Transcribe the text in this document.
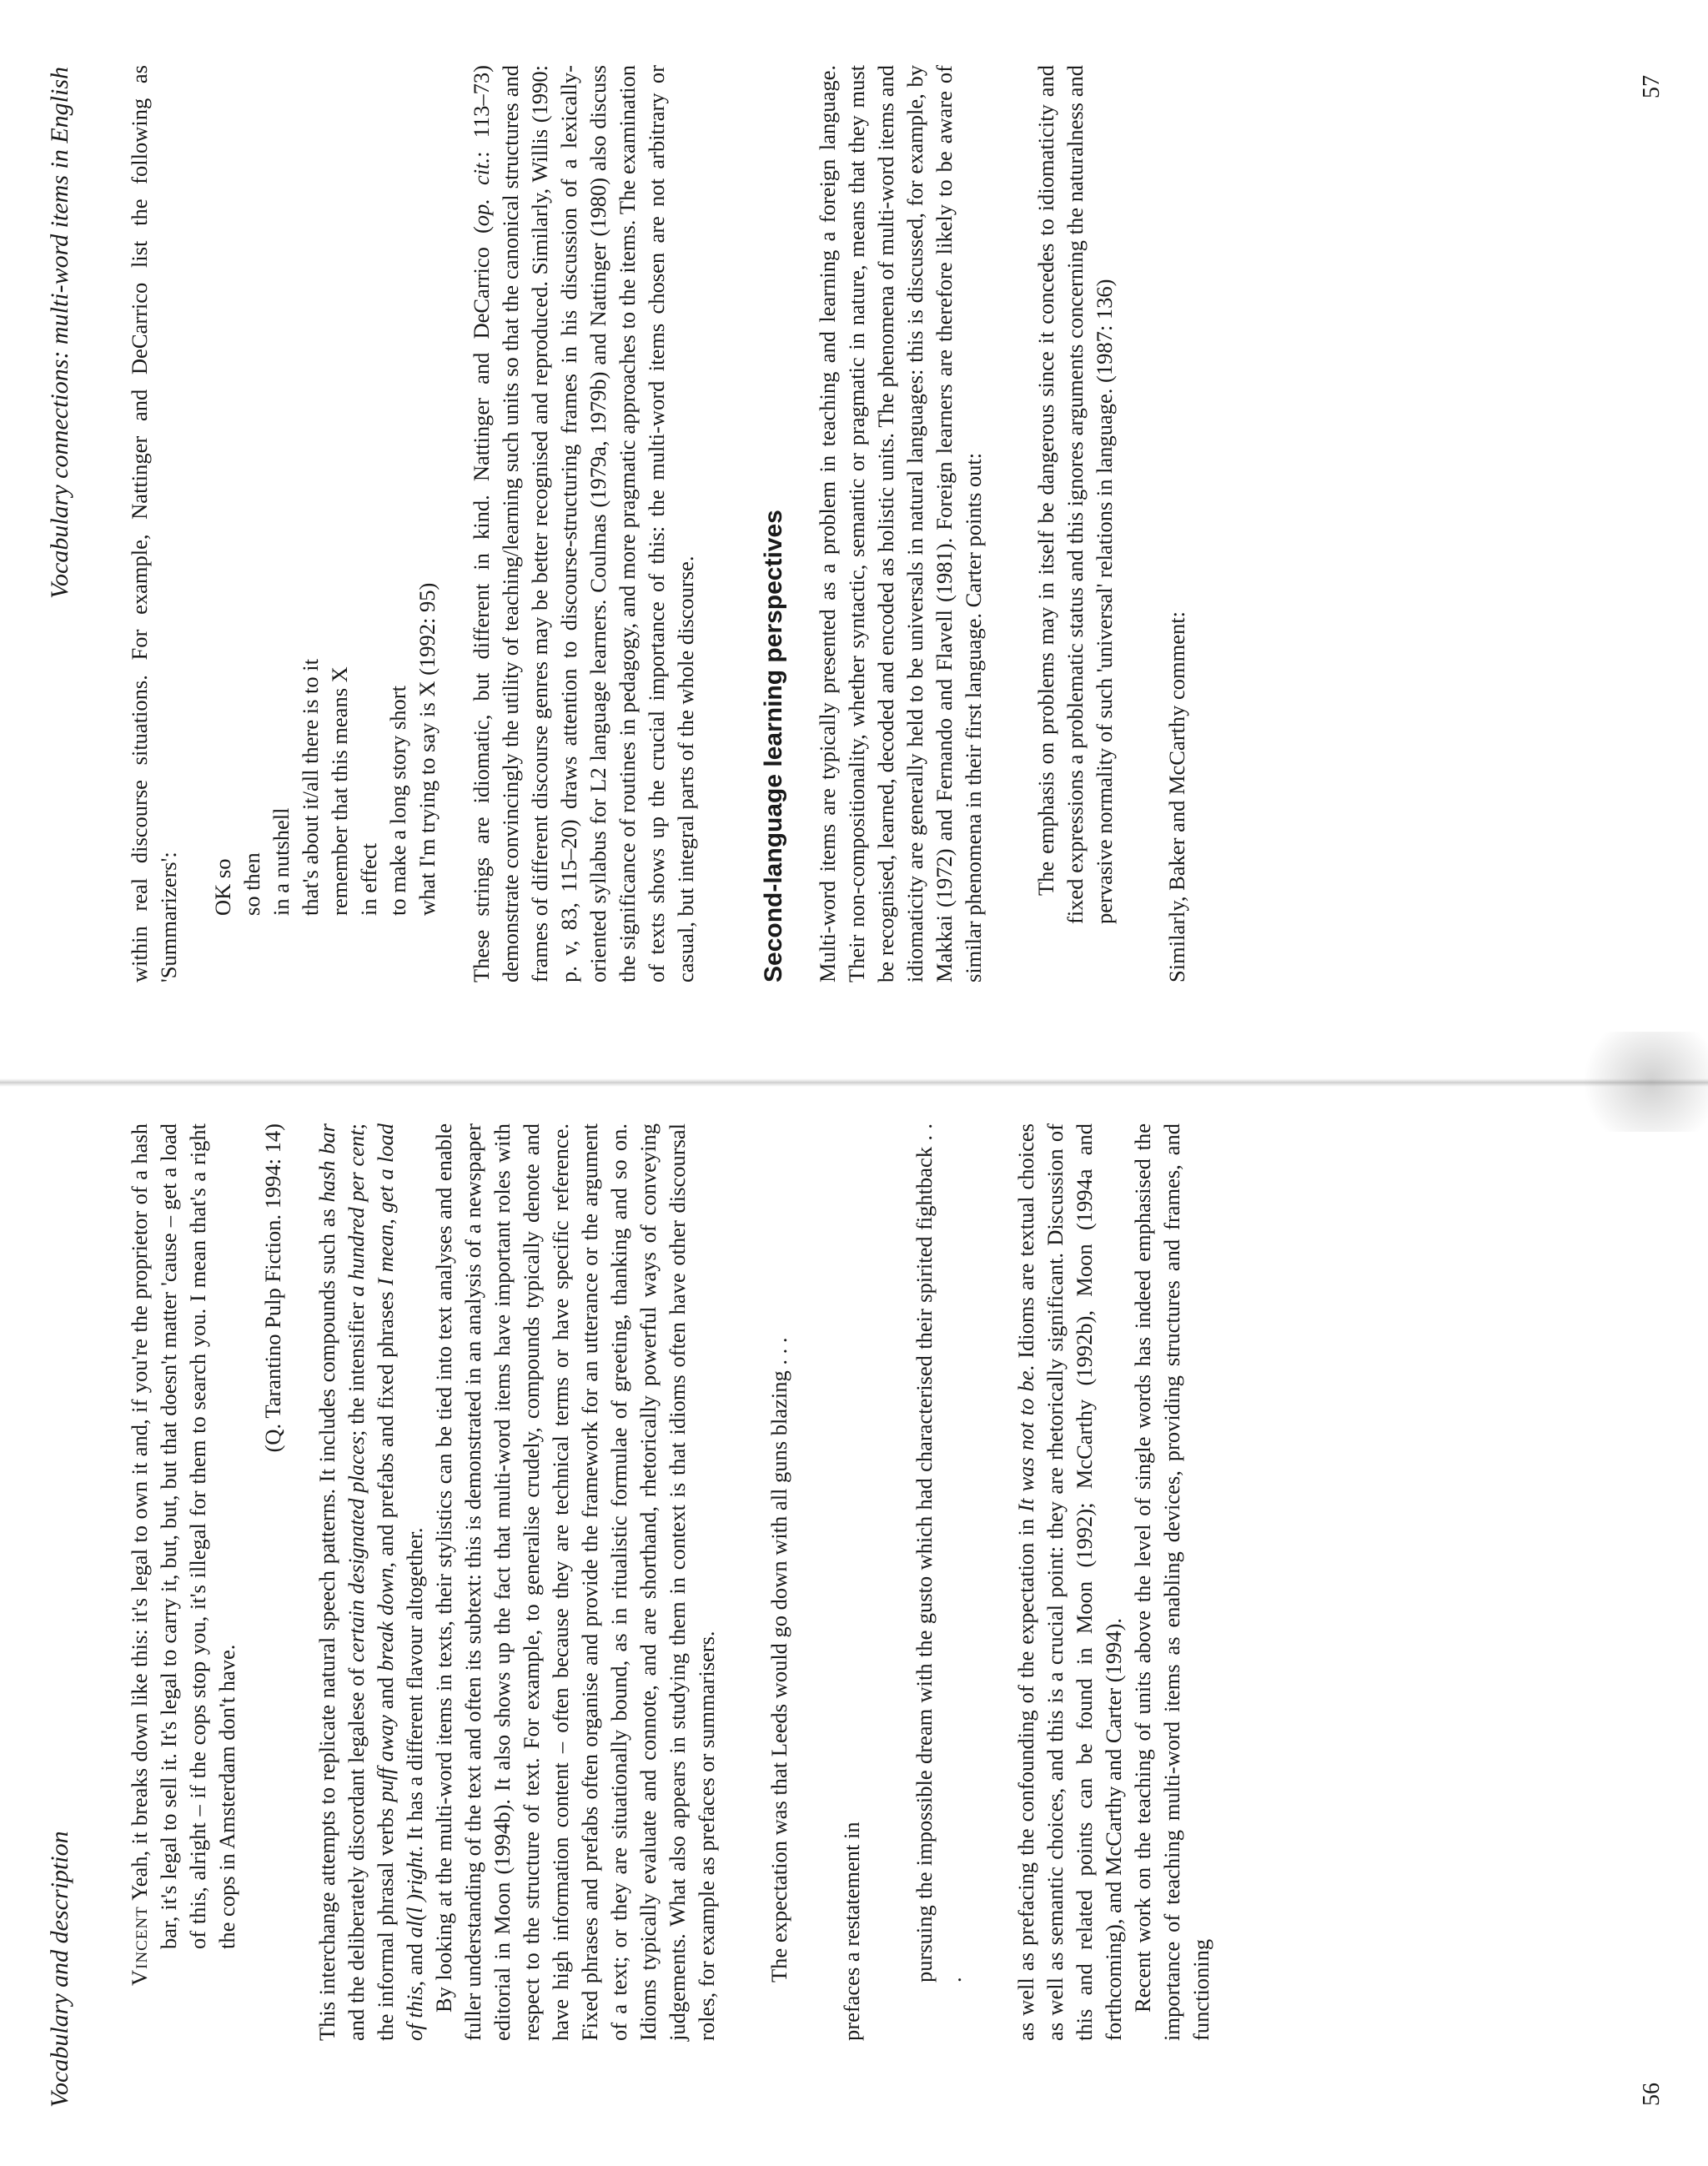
Vocabulary and description Vincent Yeah, it breaks down like this: it's legal to own it and, if you're the proprietor of a hash bar, it's legal to sell it. It's legal to carry it, but, but, but that doesn't matter 'cause – get a load of this, alright – if the cops stop you, it's illegal for them to search you. I mean that's a right the cops in Amsterdam don't have.

(Q. Tarantino Pulp Fiction. 1994: 14) This interchange attempts to replicate natural speech patterns. It includes compounds such as hash bar and the deliberately discordant legalese of certain designated places; the intensifier a hundred per cent; the informal phrasal verbs puff away and break down, and prefabs and fixed phrases I mean, get a load of this, and al(l )right. It has a different flavour altogether. By looking at the multi-word items in texts, their stylistics can be tied into text analyses and enable fuller understanding of the text and often its subtext: this is demonstrated in an analysis of a newspaper editorial in Moon (1994b). It also shows up the fact that multi-word items have important roles with respect to the structure of text. For example, to generalise crudely, compounds typically denote and have high information content – often because they are technical terms or have specific reference. Fixed phrases and prefabs often organise and provide the framework for an utterance or the argument of a text; or they are situationally bound, as in ritualistic formulae of greeting, thanking and so on. Idioms typically evaluate and connote, and are shorthand, rhetorically powerful ways of conveying judgements. What also appears in studying them in context is that idioms often have other discoursal roles, for example as prefaces or summarisers. The expectation was that Leeds would go down with all guns blazing . . . prefaces a restatement in pursuing the impossible dream with the gusto which had characterised their spirited fightback . . . as well as prefacing the confounding of the expectation in It was not to be. Idioms are textual choices as well as semantic choices, and this is a crucial point: they are rhetorically significant. Discussion of this and related points can be found in Moon (1992); McCarthy (1992b), Moon (1994a and forthcoming), and McCarthy and Carter (1994). Recent work on the teaching of units above the level of single words has indeed emphasised the importance of teaching multi-word items as enabling devices, providing structures and frames, and functioning

56
Vocabulary connections: multi-word items in English within real discourse situations. For example, Nattinger and DeCarrico list the following as 'Summarizers': OK so so then in a nutshell that's about it/all there is to it remember that this means X in effect to make a long story short what I'm trying to say is X (1992: 95) These strings are idiomatic, but different in kind. Nattinger and DeCarrico (op. cit.: 113–73) demonstrate convincingly the utility of teaching/learning such units so that the canonical structures and frames of different discourse genres may be better recognised and reproduced. Similarly, Willis (1990: p. v, 83, 115–20) draws attention to discourse-structuring frames in his discussion of a lexically-oriented syllabus for L2 language learners. Coulmas (1979a, 1979b) and Nattinger (1980) also discuss the significance of routines in pedagogy, and more pragmatic approaches to the items. The examination of texts shows up the crucial importance of this: the multi-word items chosen are not arbitrary or casual, but integral parts of the whole discourse. Second-language learning perspectives Multi-word items are typically presented as a problem in teaching and learning a foreign language. Their non-compositionality, whether syntactic, semantic or pragmatic in nature, means that they must be recognised, learned, decoded and encoded as holistic units. The phenomena of multi-word items and idiomaticity are generally held to be universals in natural languages: this is discussed, for example, by Makkai (1972) and Fernando and Flavell (1981). Foreign learners are therefore likely to be aware of similar phenomena in their first language. Carter points out: The emphasis on problems may in itself be dangerous since it concedes to idiomaticity and fixed expressions a problematic status and this ignores arguments concerning the naturalness and pervasive normality of such 'universal' relations in language. (1987: 136) Similarly, Baker and McCarthy comment:

57
